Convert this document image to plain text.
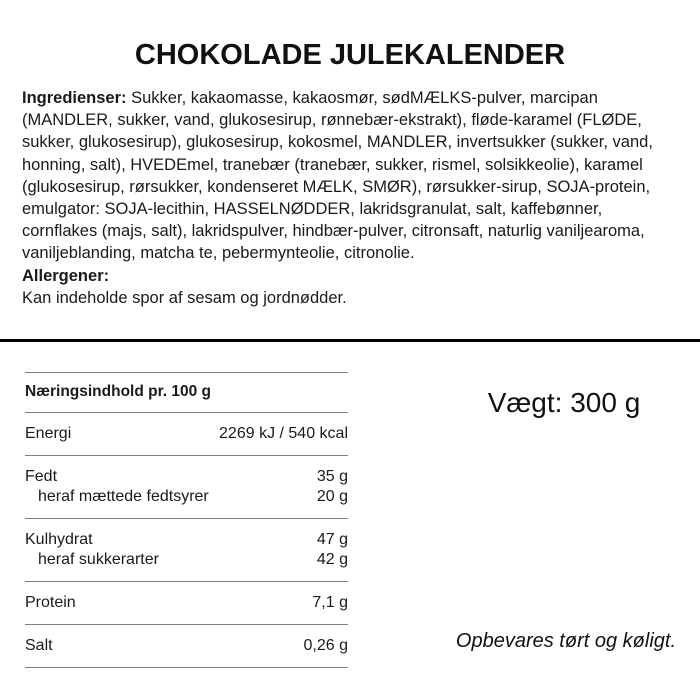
CHOKOLADE JULEKALENDER

Ingredienser: Sukker, kakaomasse, kakaosmør, sødMÆLKS-pulver, marcipan (MANDLER, sukker, vand, glukosesirup, rønnebær-ekstrakt), fløde-karamel (FLØDE, sukker, glukosesirup), glukosesirup, kokosmel, MANDLER, invertsukker (sukker, vand, honning, salt), HVEDEmel, tranebær (tranebær, sukker, rismel, solsikkeolie), karamel (glukosesirup, rørsukker, kondenseret MÆLK, SMØR), rørsukker-sirup, SOJA-protein, emulgator: SOJA-lecithin, HASSELNØDDER, lakridsgranulat, salt, kaffebønner, cornflakes (majs, salt), lakridspulver, hindbær-pulver, citronsaft, naturlig vaniljearoma, vaniljeblanding, matcha te, pebermynteolie, citronolie.

Allergener:

Kan indeholde spor af sesam og jordnødder.

Næringsindhold pr. 100 g
Energi	2269 kJ / 540 kcal
Fedt	35 g
heraf mættede fedtsyrer	20 g
Kulhydrat	47 g
heraf sukkerarter	42 g
Protein	7,1 g
Salt	0,26 g
Vægt: 300 g
Opbevares tørt og køligt.
